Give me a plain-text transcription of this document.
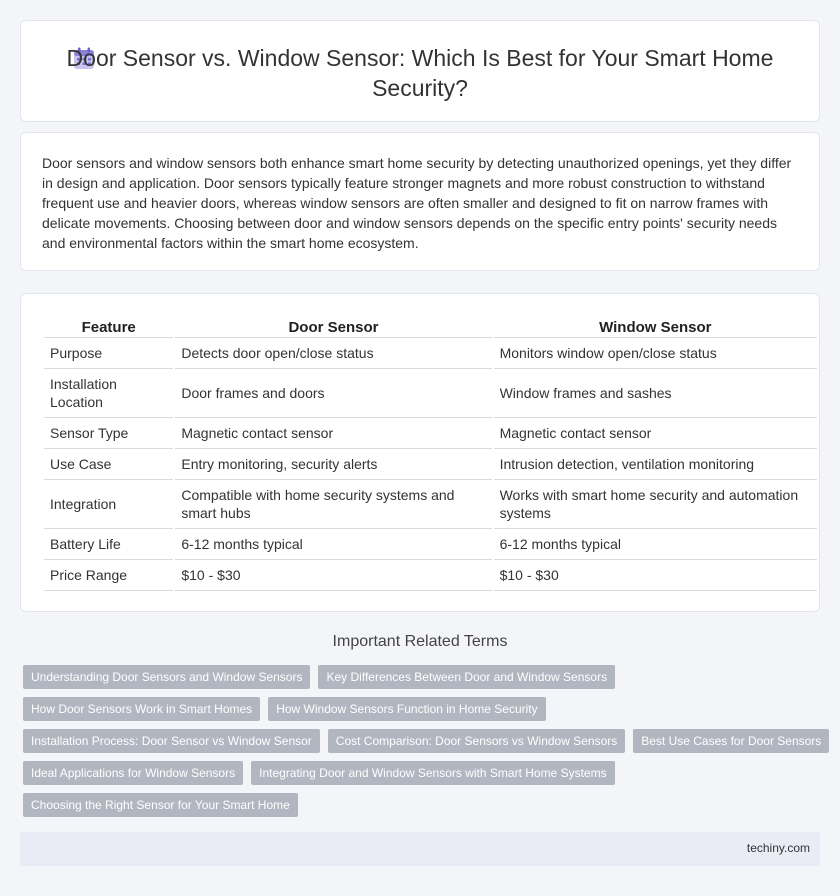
Door Sensor vs. Window Sensor: Which Is Best for Your Smart Home Security?

Door sensors and window sensors both enhance smart home security by detecting unauthorized openings, yet they differ in design and application. Door sensors typically feature stronger magnets and more robust construction to withstand frequent use and heavier doors, whereas window sensors are often smaller and designed to fit on narrow frames with delicate movements. Choosing between door and window sensors depends on the specific entry points' security needs and environmental factors within the smart home ecosystem.

Feature	Door Sensor	Window Sensor
Purpose	Detects door open/close status	Monitors window open/close status
Installation Location	Door frames and doors	Window frames and sashes
Sensor Type	Magnetic contact sensor	Magnetic contact sensor
Use Case	Entry monitoring, security alerts	Intrusion detection, ventilation monitoring
Integration	Compatible with home security systems and smart hubs	Works with smart home security and automation systems
Battery Life	6-12 months typical	6-12 months typical
Price Range	$10 - $30	$10 - $30
Important Related Terms
Understanding Door Sensors and Window Sensors	Key Differences Between Door and Window Sensors
How Door Sensors Work in Smart Homes	How Window Sensors Function in Home Security
Installation Process: Door Sensor vs Window Sensor	Cost Comparison: Door Sensors vs Window Sensors	Best Use Cases for Door Sensors
Ideal Applications for Window Sensors	Integrating Door and Window Sensors with Smart Home Systems
Choosing the Right Sensor for Your Smart Home
techiny.com
